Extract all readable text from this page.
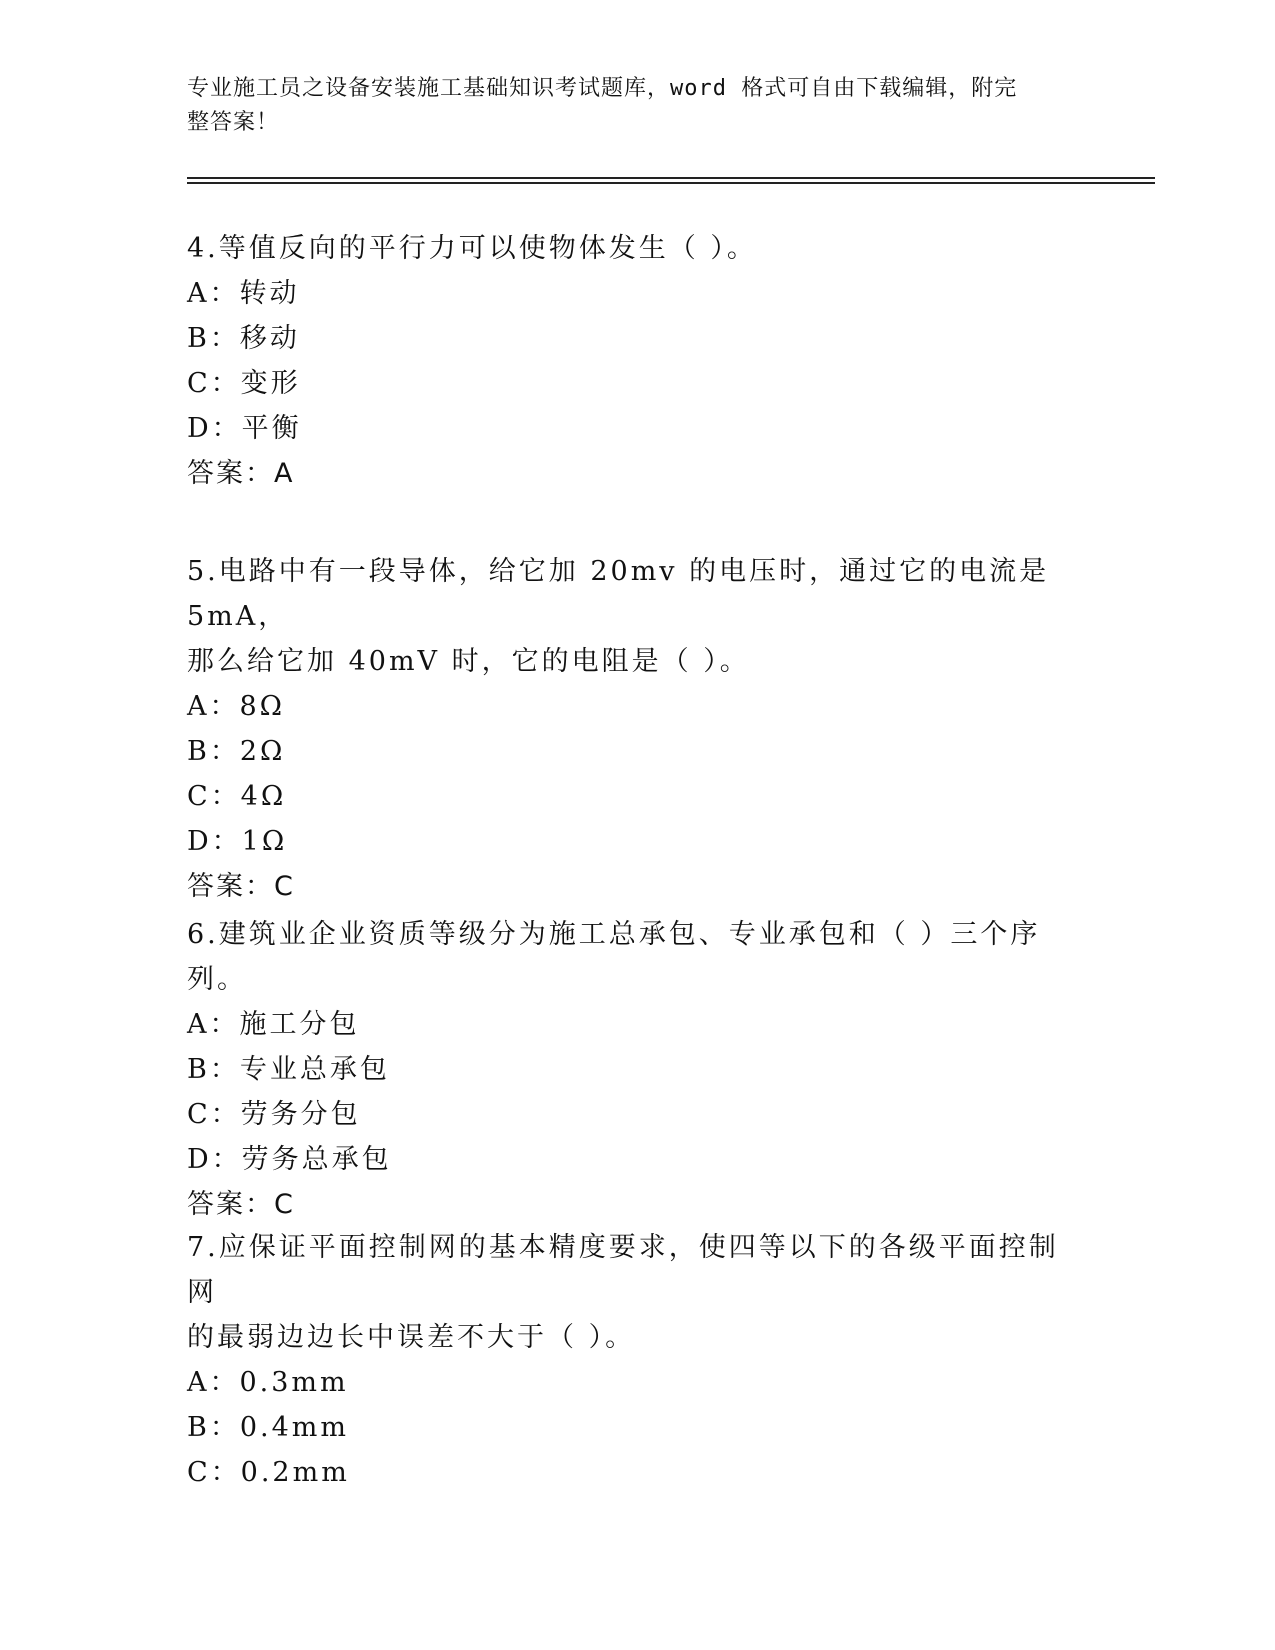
专业施工员之设备安装施工基础知识考试题库，word 格式可自由下载编辑，附完
整答案！

4.等值反向的平行力可以使物体发生（ ）。

A：转动

B：移动

C：变形

D：平衡

答案：A

5.电路中有一段导体，给它加 20mv 的电压时，通过它的电流是 5mA，

那么给它加 40mV 时，它的电阻是（ ）。

A：8Ω

B：2Ω

C：4Ω

D：1Ω

答案：C

6.建筑业企业资质等级分为施工总承包、专业承包和（ ）三个序列。

A：施工分包

B：专业总承包

C：劳务分包

D：劳务总承包

答案：C

7.应保证平面控制网的基本精度要求，使四等以下的各级平面控制网

的最弱边边长中误差不大于（ ）。

A：0.3mm

B：0.4mm

C：0.2mm
